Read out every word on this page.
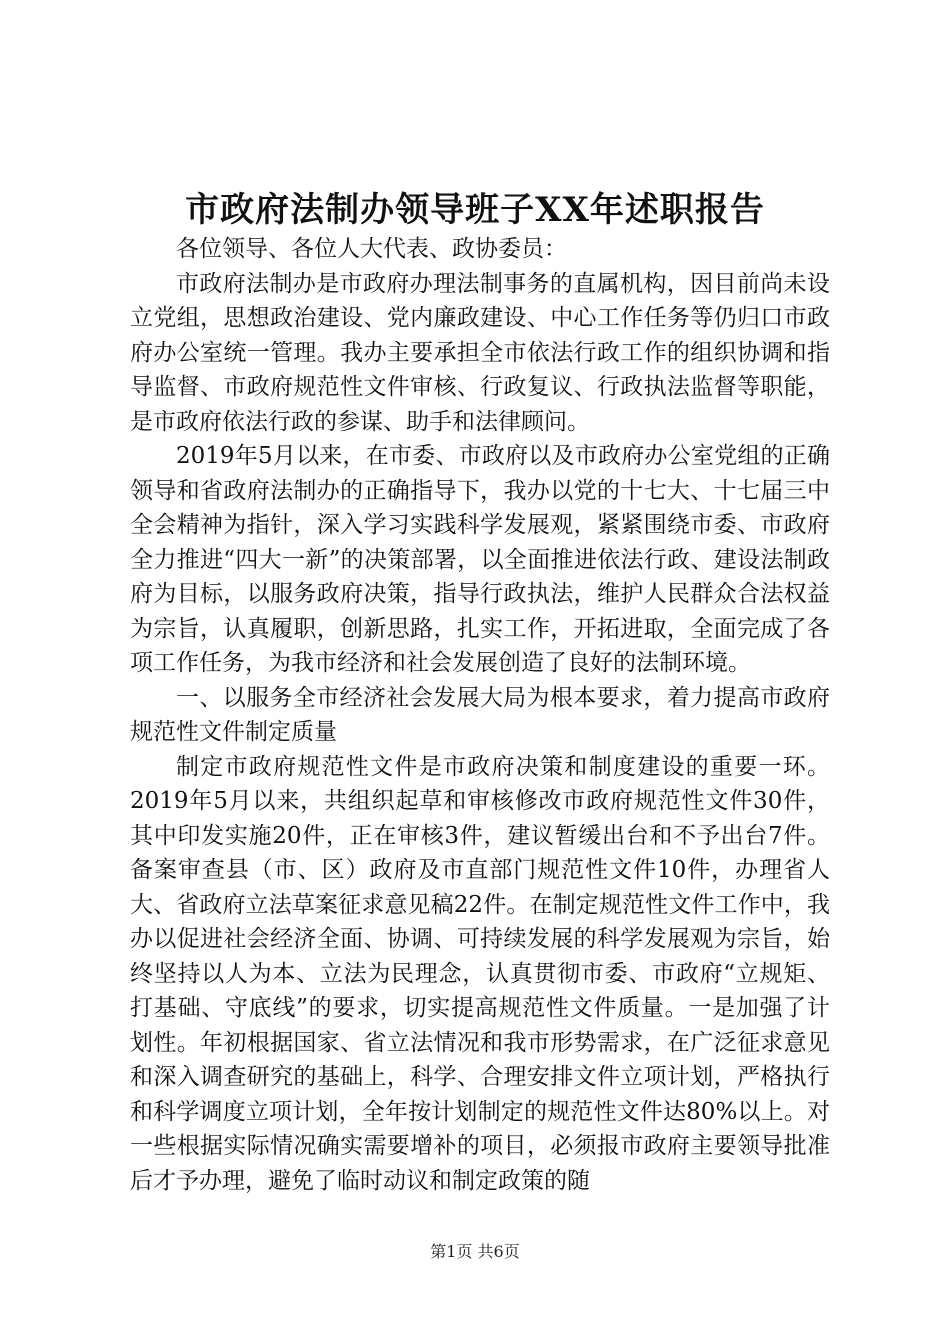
市政府法制办领导班子XX年述职报告

各位领导、各位人大代表、政协委员：

市政府法制办是市政府办理法制事务的直属机构，因目前尚未设立党组，思想政治建设、党内廉政建设、中心工作任务等仍归口市政府办公室统一管理。我办主要承担全市依法行政工作的组织协调和指导监督、市政府规范性文件审核、行政复议、行政执法监督等职能，是市政府依法行政的参谋、助手和法律顾问。

2019年5月以来，在市委、市政府以及市政府办公室党组的正确领导和省政府法制办的正确指导下，我办以党的十七大、十七届三中全会精神为指针，深入学习实践科学发展观，紧紧围绕市委、市政府全力推进“四大一新”的决策部署，以全面推进依法行政、建设法制政府为目标，以服务政府决策，指导行政执法，维护人民群众合法权益为宗旨，认真履职，创新思路，扎实工作，开拓进取，全面完成了各项工作任务，为我市经济和社会发展创造了良好的法制环境。

一、以服务全市经济社会发展大局为根本要求，着力提高市政府规范性文件制定质量

制定市政府规范性文件是市政府决策和制度建设的重要一环。2019年5月以来，共组织起草和审核修改市政府规范性文件30件，其中印发实施20件，正在审核3件，建议暂缓出台和不予出台7件。备案审查县（市、区）政府及市直部门规范性文件10件，办理省人大、省政府立法草案征求意见稿22件。在制定规范性文件工作中，我办以促进社会经济全面、协调、可持续发展的科学发展观为宗旨，始终坚持以人为本、立法为民理念，认真贯彻市委、市政府“立规矩、打基础、守底线”的要求，切实提高规范性文件质量。一是加强了计划性。年初根据国家、省立法情况和我市形势需求，在广泛征求意见和深入调查研究的基础上，科学、合理安排文件立项计划，严格执行和科学调度立项计划，全年按计划制定的规范性文件达80%以上。对一些根据实际情况确实需要增补的项目，必须报市政府主要领导批准后才予办理，避免了临时动议和制定政策的随

第1页 共6页
